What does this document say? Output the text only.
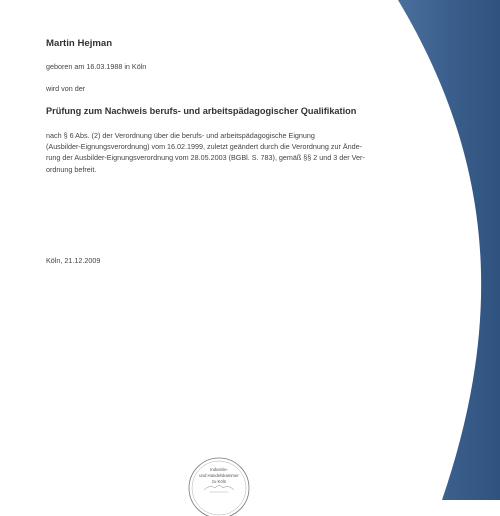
Martin Hejman
geboren am 16.03.1988 in Köln
wird von der
Prüfung zum Nachweis berufs- und arbeitspädagogischer Qualifikation
nach § 6 Abs. (2) der Verordnung über die berufs- und arbeitspädagogische Eignung
(Ausbilder-Eignungsverordnung) vom 16.02.1999, zuletzt geändert durch die Verordnung zur Ände-
rung der Ausbilder-Eignungsverordnung vom 28.05.2003 (BGBl. S. 783), gemäß §§ 2 und 3 der Ver-
ordnung befreit.
Köln, 21.12.2009
Industrie-
und Handelskammer
zu Köln
